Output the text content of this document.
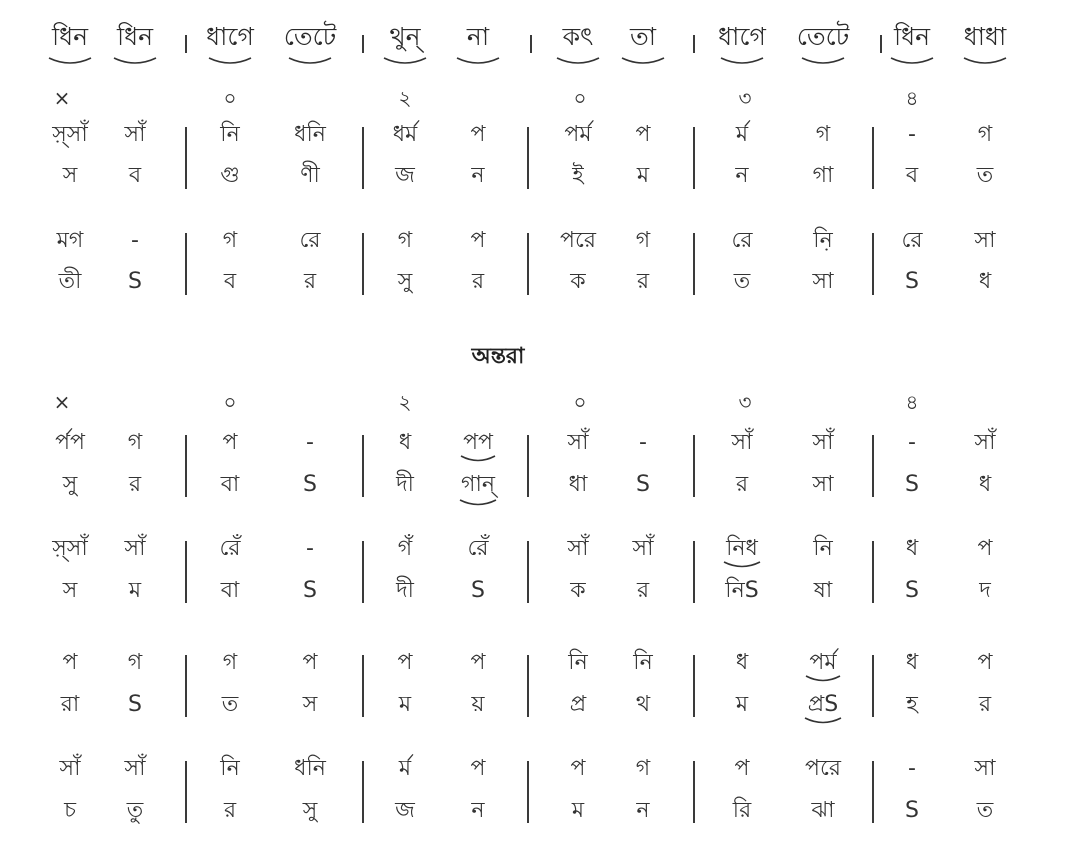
ধিন ধিন ধাগে তেটে থুন্ না	কৎ তা ধাগে তেটে ধিন ধাধা
×	০	২	০	৩	৪
স়্সাঁ সাঁ	নি ধনি	ধর্ম প	পর্ম প	র্ম	গ	-	গ
স ব	গু	ণী	জ	ন	ই ম	ন	গা	ব	ত
মগ -	গ	রে	গ	প	পরে গ	রে	নি়	রে সা
তী S	ব	র	সু	র	ক র	ত	সা	S	ধ
অন্তরা
×	০	২	০	৩	৪
র্পপ গ	প	-	ধ পপ	সাঁ -	সাঁ	সাঁ	-	সাঁ
সু র	বা	S	দী গান্	ধা S	র	সা	S	ধ
স়্সাঁ সাঁ	রেঁ	-	গঁ	রেঁ	সাঁ সাঁ	নিধ	নি	ধ	প
স ম	বা	S	দী	S	ক র	নিS	ষা	S	দ
প গ	গ	প	প	প	নি নি	ধ	পর্ম	ধ	প
রা S	ত	স	ম	য়	প্র থ	ম	প্রS	হ	র
সাঁ সাঁ	নি ধনি	র্ম	প	প গ	প	পরে	-	সা
চ তু	র	সু	জ	ন	ম ন	রি	ঝা	S	ত
